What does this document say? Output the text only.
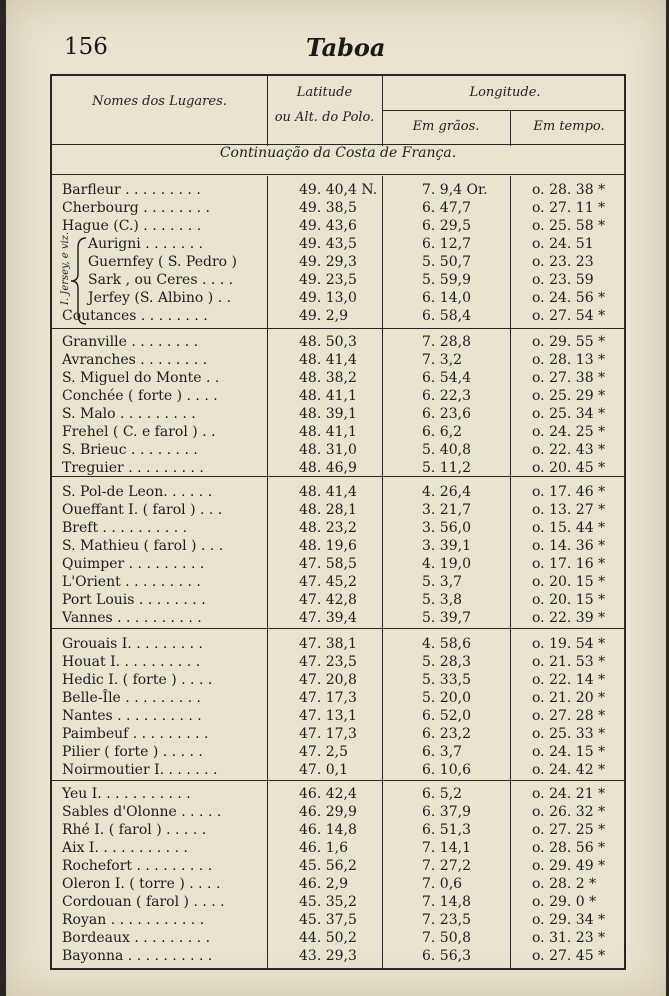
156	Taboa
Nomes dos Lugares.
Latitude
ou Alt. do Polo.
Longitude.
Em grãos.	Em tempo.
Continuação da Costa de França.
I. Jersey, e viz.
Barfleur . . . . . . . . .	49. 40,4 N.	7. 9,4 Or.	o. 28. 38 *
Cherbourg . . . . . . . .	49. 38,5	6. 47,7	o. 27. 11 *
Hague (C.) . . . . . . .	49. 43,6	6. 29,5	o. 25. 58 *
Aurigni . . . . . . .	49. 43,5	6. 12,7	o. 24. 51
Guernfey ( S. Pedro )	49. 29,3	5. 50,7	o. 23. 23
Sark , ou Ceres . . . .	49. 23,5	5. 59,9	o. 23. 59
Jerfey (S. Albino ) . .	49. 13,0	6. 14,0	o. 24. 56 *
Coutances . . . . . . . .	49. 2,9	6. 58,4	o. 27. 54 *
Granville . . . . . . . .	48. 50,3	7. 28,8	o. 29. 55 *
Avranches . . . . . . . .	48. 41,4	7. 3,2	o. 28. 13 *
S. Miguel do Monte . .	48. 38,2	6. 54,4	o. 27. 38 *
Conchée ( forte ) . . . .	48. 41,1	6. 22,3	o. 25. 29 *
S. Malo . . . . . . . . .	48. 39,1	6. 23,6	o. 25. 34 *
Frehel ( C. e farol ) . .	48. 41,1	6. 6,2	o. 24. 25 *
S. Brieuc . . . . . . . .	48. 31,0	5. 40,8	o. 22. 43 *
Treguier . . . . . . . . .	48. 46,9	5. 11,2	o. 20. 45 *
S. Pol-de Leon. . . . . .	48. 41,4	4. 26,4	o. 17. 46 *
Oueffant I. ( farol ) . . .	48. 28,1	3. 21,7	o. 13. 27 *
Breft . . . . . . . . . .	48. 23,2	3. 56,0	o. 15. 44 *
S. Mathieu ( farol ) . . .	48. 19,6	3. 39,1	o. 14. 36 *
Quimper . . . . . . . . .	47. 58,5	4. 19,0	o. 17. 16 *
L'Orient . . . . . . . . .	47. 45,2	5. 3,7	o. 20. 15 *
Port Louis . . . . . . . .	47. 42,8	5. 3,8	o. 20. 15 *
Vannes . . . . . . . . . .	47. 39,4	5. 39,7	o. 22. 39 *
Grouais I. . . . . . . . .	47. 38,1	4. 58,6	o. 19. 54 *
Houat I. . . . . . . . . .	47. 23,5	5. 28,3	o. 21. 53 *
Hedic I. ( forte ) . . . .	47. 20,8	5. 33,5	o. 22. 14 *
Belle-Île . . . . . . . . .	47. 17,3	5. 20,0	o. 21. 20 *
Nantes . . . . . . . . . .	47. 13,1	6. 52,0	o. 27. 28 *
Paimbeuf . . . . . . . . .	47. 17,3	6. 23,2	o. 25. 33 *
Pilier ( forte ) . . . . .	47. 2,5	6. 3,7	o. 24. 15 *
Noirmoutier I. . . . . . .	47. 0,1	6. 10,6	o. 24. 42 *
Yeu I. . . . . . . . . . .	46. 42,4	6. 5,2	o. 24. 21 *
Sables d'Olonne . . . . .	46. 29,9	6. 37,9	o. 26. 32 *
Rhé I. ( farol ) . . . . .	46. 14,8	6. 51,3	o. 27. 25 *
Aix I. . . . . . . . . . .	46. 1,6	7. 14,1	o. 28. 56 *
Rochefort . . . . . . . . .	45. 56,2	7. 27,2	o. 29. 49 *
Oleron I. ( torre ) . . . .	46. 2,9	7. 0,6	o. 28. 2 *
Cordouan ( farol ) . . . .	45. 35,2	7. 14,8	o. 29. 0 *
Royan . . . . . . . . . . .	45. 37,5	7. 23,5	o. 29. 34 *
Bordeaux . . . . . . . . .	44. 50,2	7. 50,8	o. 31. 23 *
Bayonna . . . . . . . . . .	43. 29,3	6. 56,3	o. 27. 45 *
